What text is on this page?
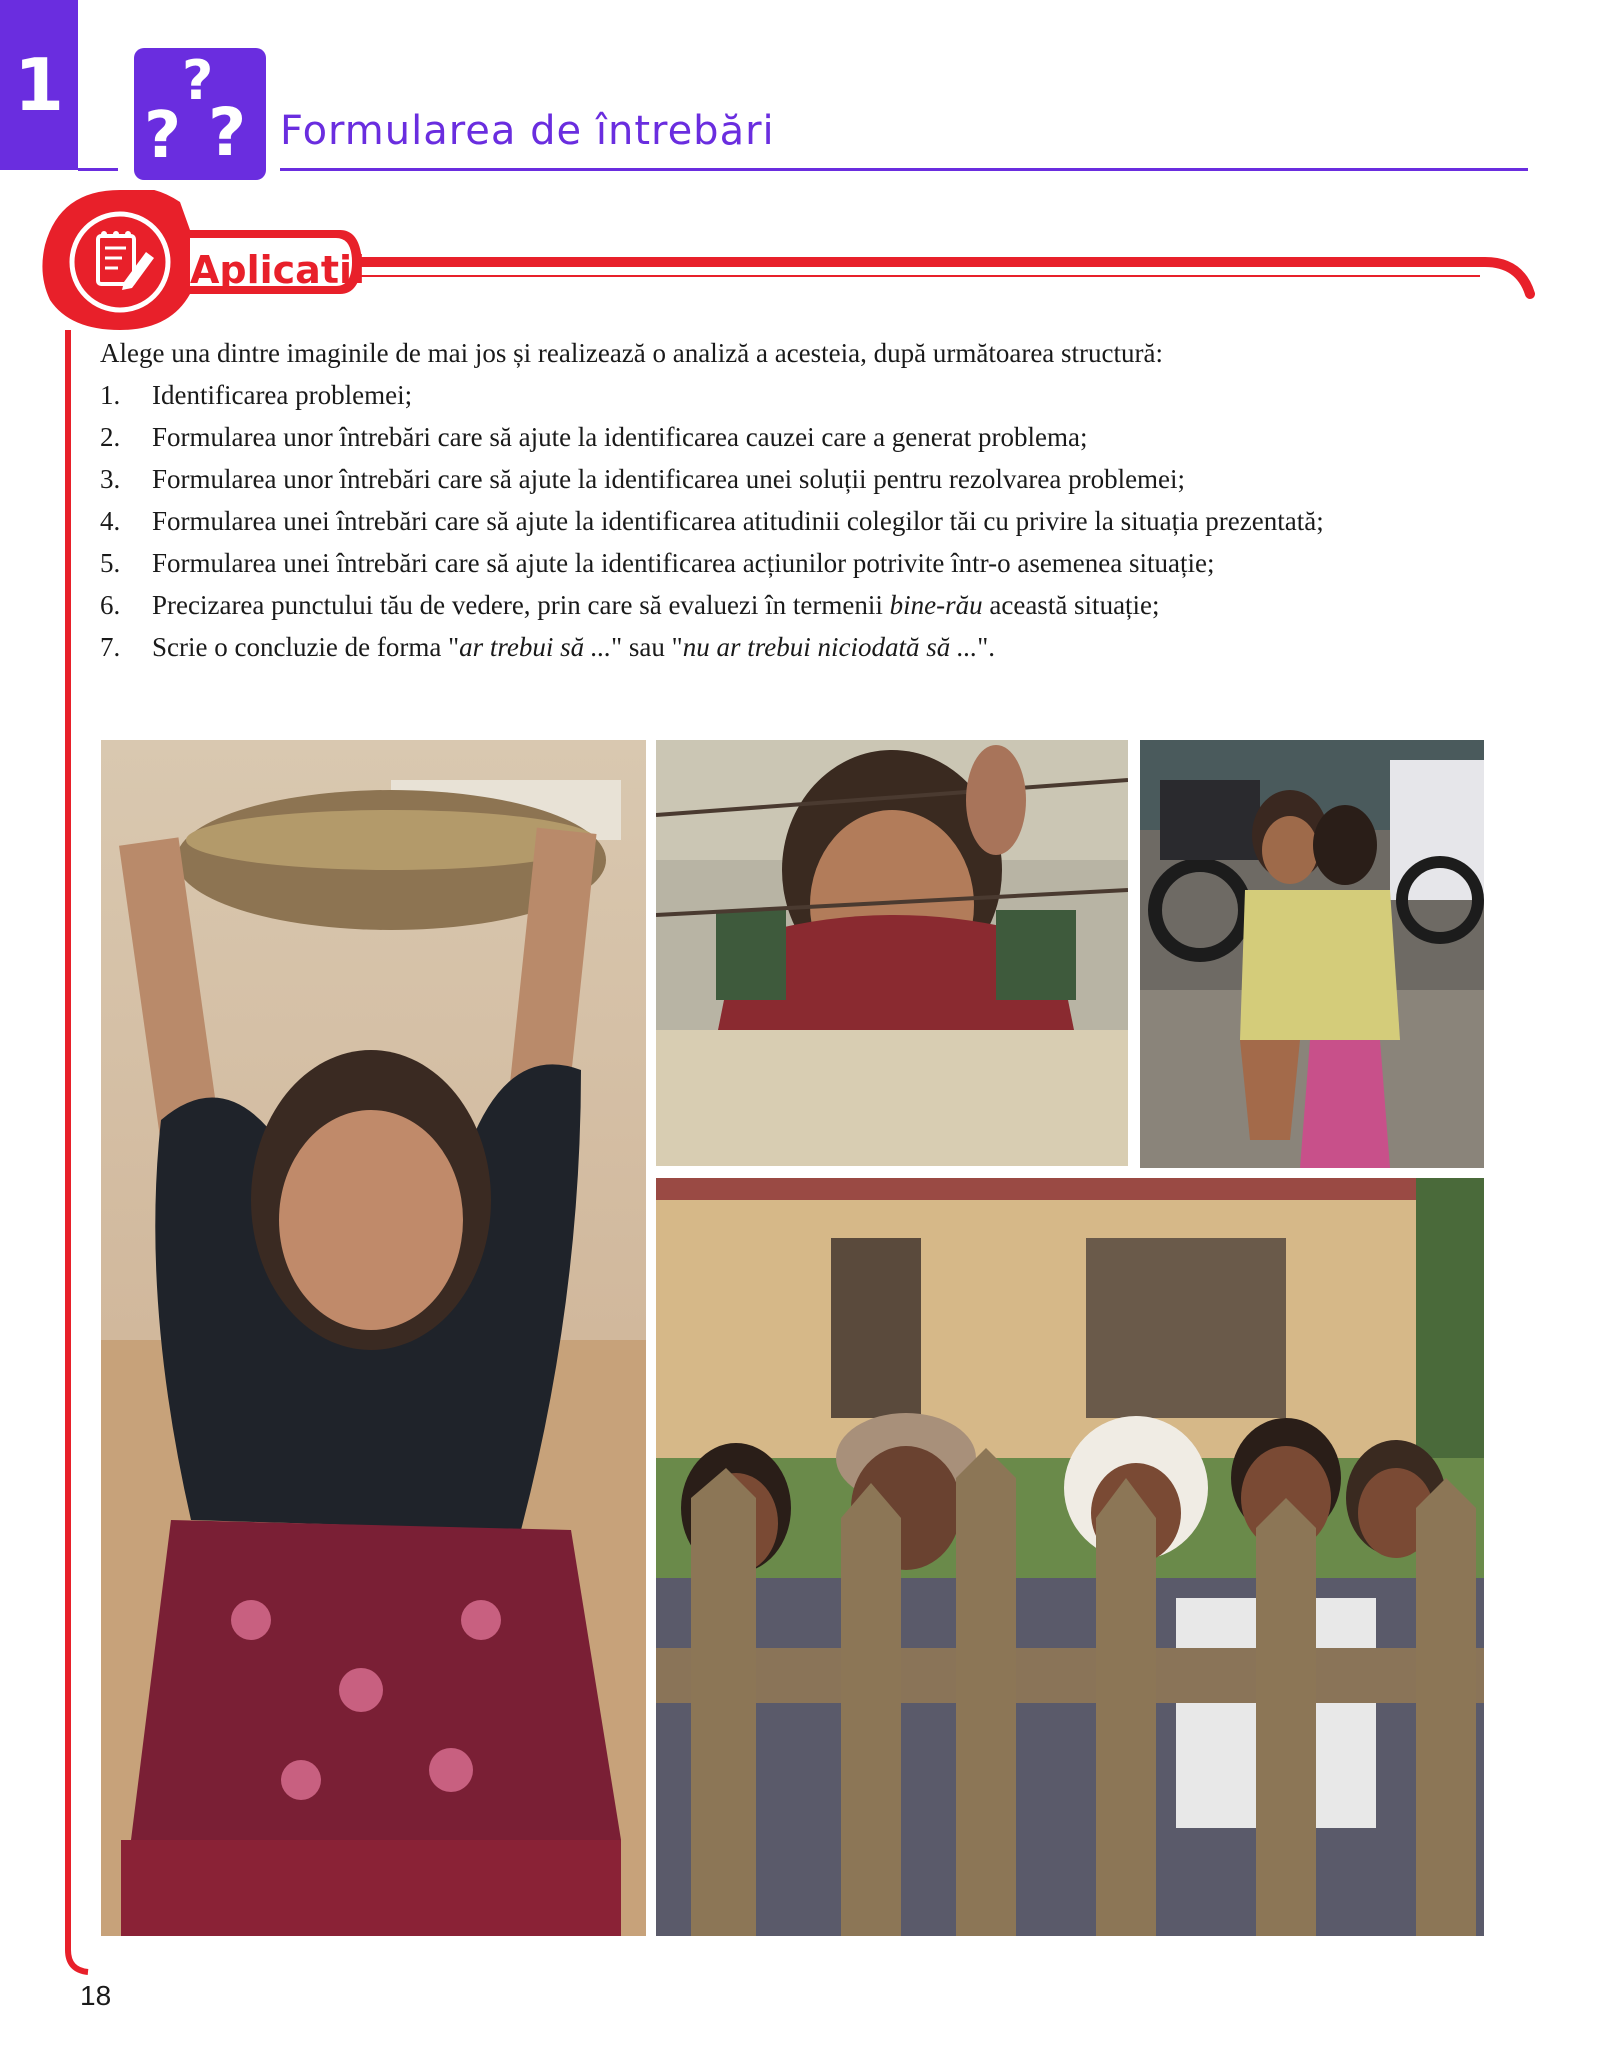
1 ?
? ? Formularea de întrebări
Aplicații
Alege una dintre imaginile de mai jos și realizează o analiză a acesteia, după următoarea structură:
1. Identificarea problemei;
2. Formularea unor întrebări care să ajute la identificarea cauzei care a generat problema;
3. Formularea unor întrebări care să ajute la identificarea unei soluții pentru rezolvarea problemei;
4. Formularea unei întrebări care să ajute la identificarea atitudinii colegilor tăi cu privire la situația prezentată;
5. Formularea unei întrebări care să ajute la identificarea acțiunilor potrivite într-o asemenea situație;
6. Precizarea punctului tău de vedere, prin care să evaluezi în termenii bine-rău această situație;
7. Scrie o concluzie de forma "ar trebui să ..." sau "nu ar trebui niciodată să ...".
18
